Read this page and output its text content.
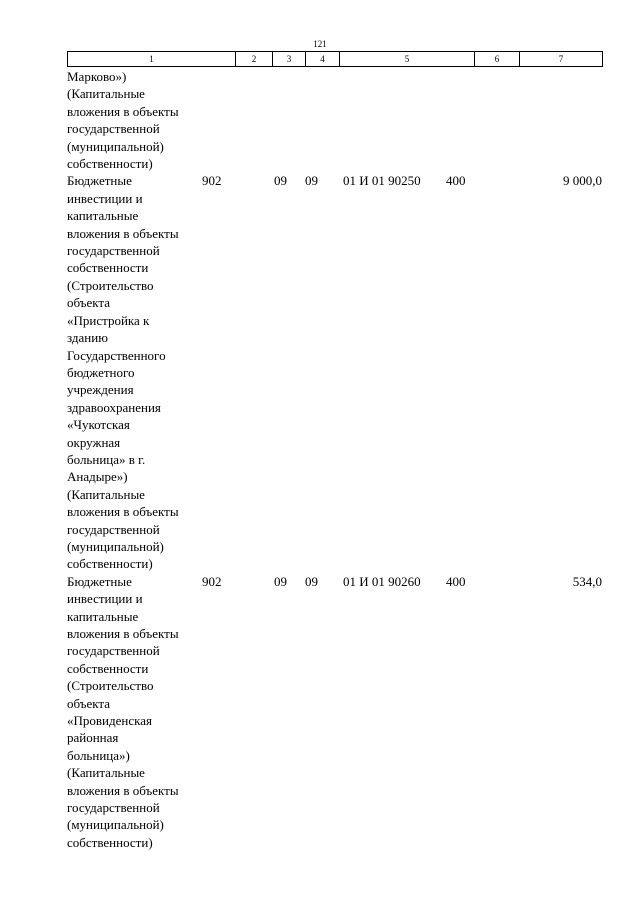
121
1	2	3	4	5	6	7
Марково»)
(Капитальные
вложения в объекты
государственной
(муниципальной)
собственности)
Бюджетные
инвестиции и
капитальные
вложения в объекты
государственной
собственности
(Строительство
объекта
«Пристройка к
зданию
Государственного
бюджетного
учреждения
здравоохранения
«Чукотская
окружная
больница» в г.
Анадыре»)
(Капитальные
вложения в объекты
государственной
(муниципальной)
собственности)
902	09 09 01 И 01 90250 400	9 000,0
Бюджетные
инвестиции и
капитальные
вложения в объекты
государственной
собственности
(Строительство
объекта
«Провиденская
районная
больница»)
(Капитальные
вложения в объекты
государственной
(муниципальной)
собственности)
902	09 09 01 И 01 90260 400	534,0
